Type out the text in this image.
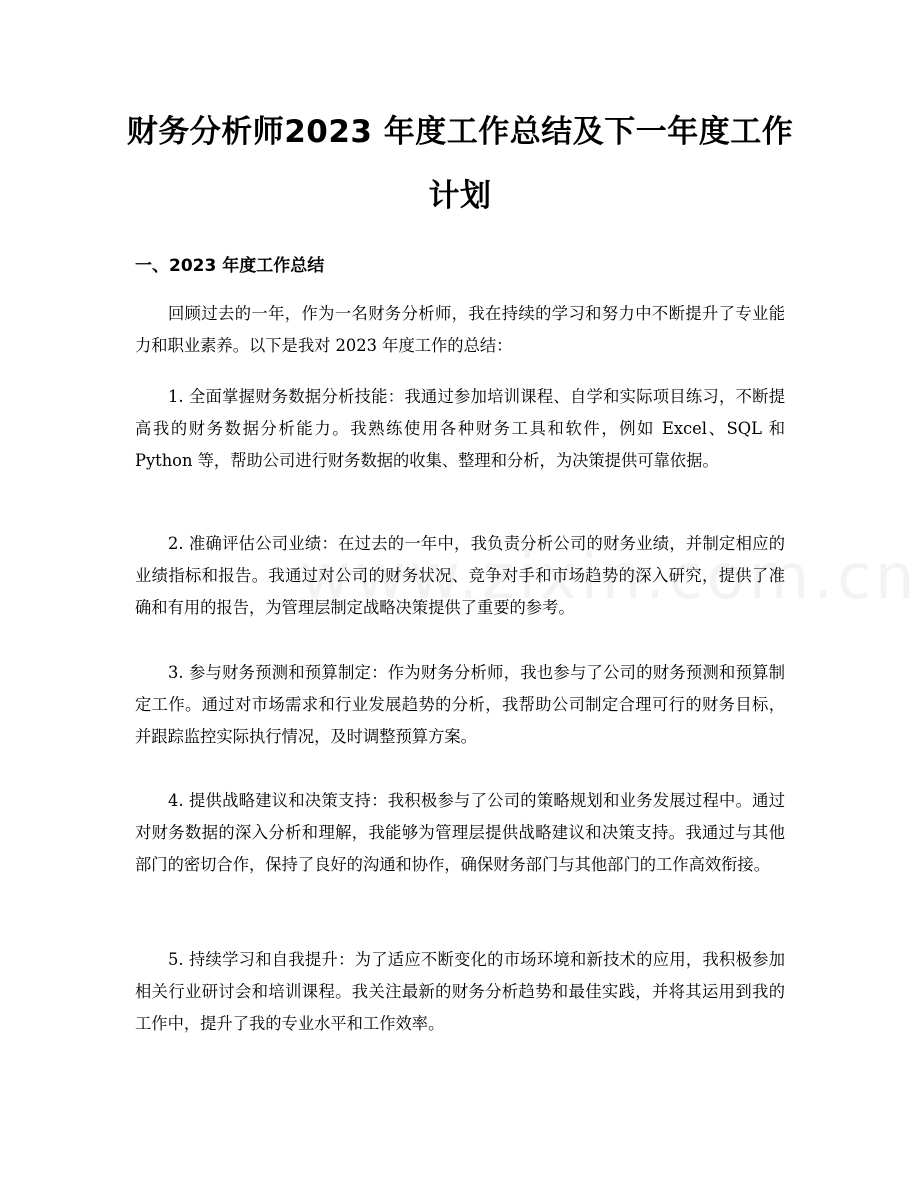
财务分析师2023 年度工作总结及下一年度工作计划
一、2023 年度工作总结

回顾过去的一年，作为一名财务分析师，我在持续的学习和努力中不断提升了专业能力和职业素养。以下是我对 2023 年度工作的总结：

1. 全面掌握财务数据分析技能：我通过参加培训课程、自学和实际项目练习，不断提高我的财务数据分析能力。我熟练使用各种财务工具和软件，例如 Excel、SQL 和 Python 等，帮助公司进行财务数据的收集、整理和分析，为决策提供可靠依据。

2. 准确评估公司业绩：在过去的一年中，我负责分析公司的财务业绩，并制定相应的业绩指标和报告。我通过对公司的财务状况、竞争对手和市场趋势的深入研究，提供了准确和有用的报告，为管理层制定战略决策提供了重要的参考。

3. 参与财务预测和预算制定：作为财务分析师，我也参与了公司的财务预测和预算制定工作。通过对市场需求和行业发展趋势的分析，我帮助公司制定合理可行的财务目标，并跟踪监控实际执行情况，及时调整预算方案。

4. 提供战略建议和决策支持：我积极参与了公司的策略规划和业务发展过程中。通过对财务数据的深入分析和理解，我能够为管理层提供战略建议和决策支持。我通过与其他部门的密切合作，保持了良好的沟通和协作，确保财务部门与其他部门的工作高效衔接。

5. 持续学习和自我提升：为了适应不断变化的市场环境和新技术的应用，我积极参加相关行业研讨会和培训课程。我关注最新的财务分析趋势和最佳实践，并将其运用到我的工作中，提升了我的专业水平和工作效率。
